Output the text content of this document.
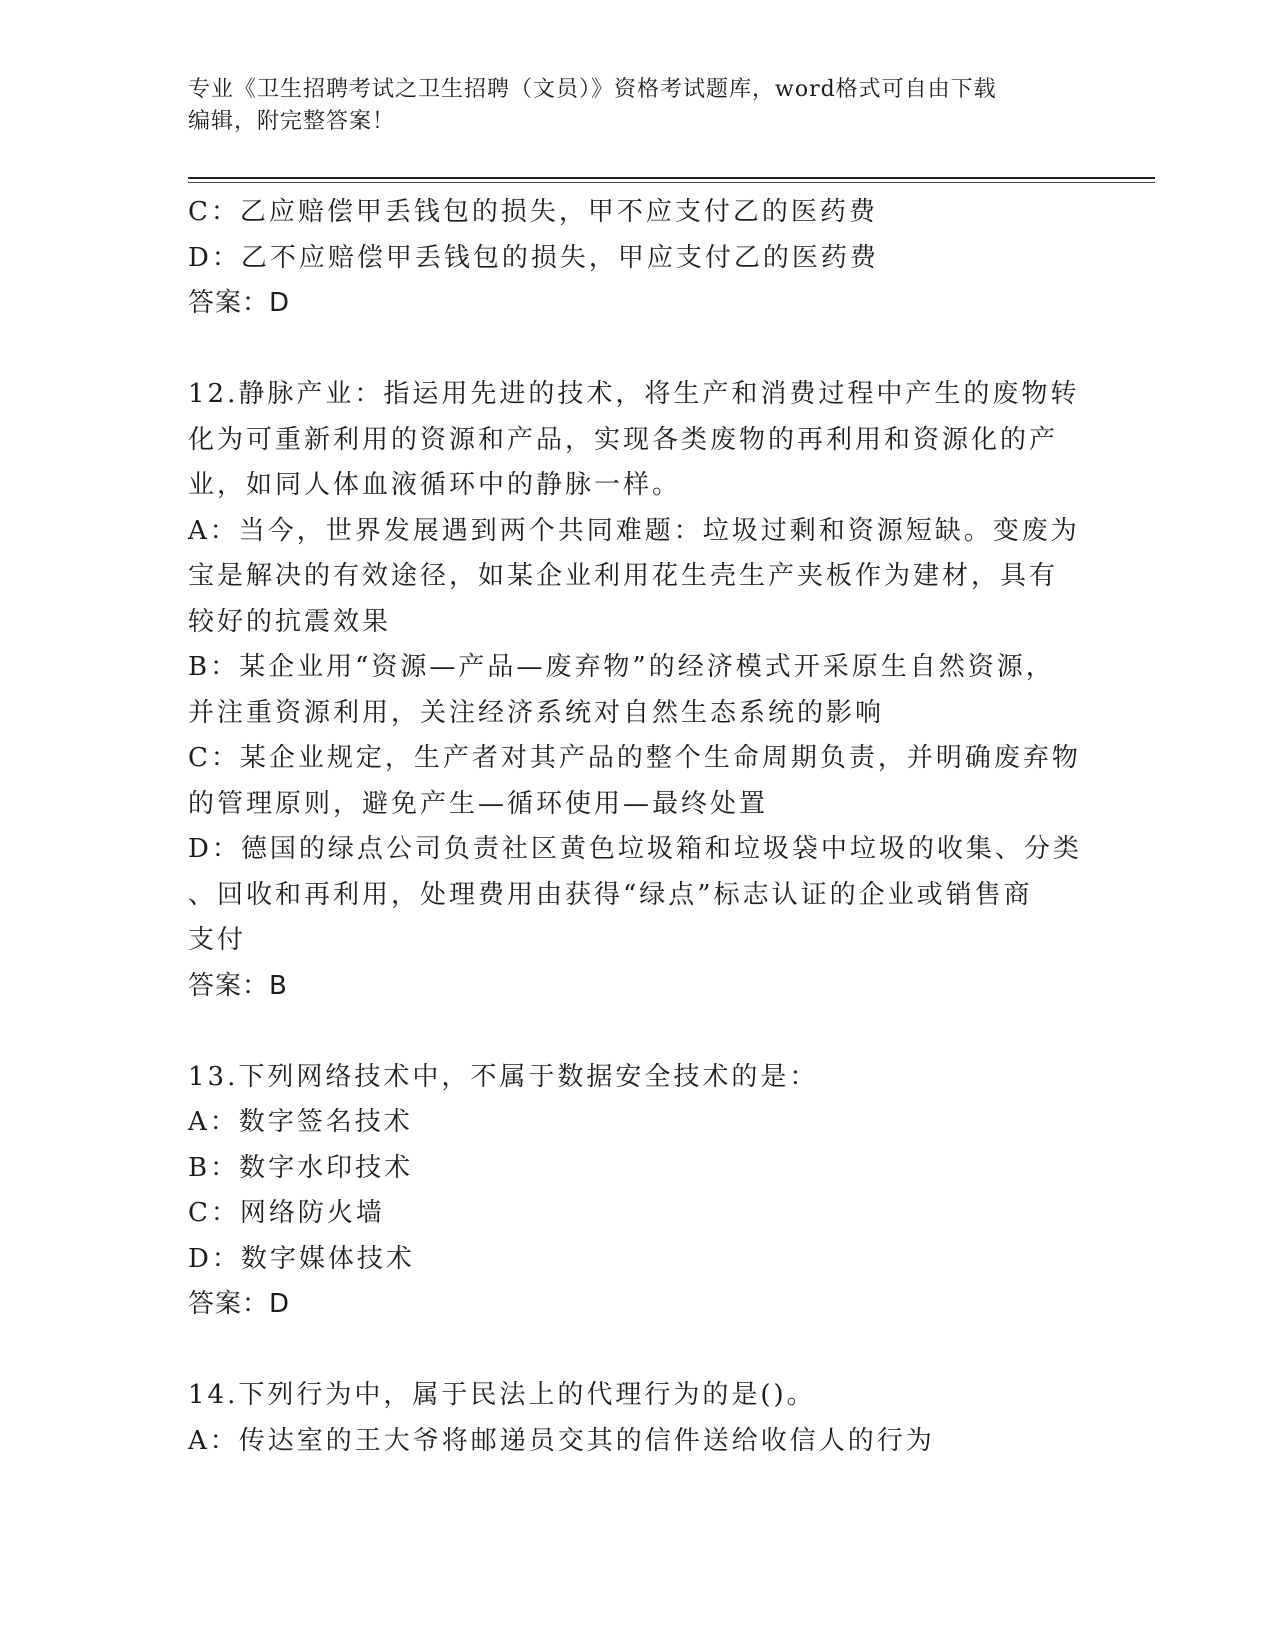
专业《卫生招聘考试之卫生招聘（文员）》资格考试题库，word格式可自由下载
编辑，附完整答案！
C：乙应赔偿甲丢钱包的损失，甲不应支付乙的医药费
D：乙不应赔偿甲丢钱包的损失，甲应支付乙的医药费
答案：D
12.静脉产业：指运用先进的技术，将生产和消费过程中产生的废物转
化为可重新利用的资源和产品，实现各类废物的再利用和资源化的产
业，如同人体血液循环中的静脉一样。
A：当今，世界发展遇到两个共同难题：垃圾过剩和资源短缺。变废为
宝是解决的有效途径，如某企业利用花生壳生产夹板作为建材，具有
较好的抗震效果
B：某企业用“资源—产品—废弃物”的经济模式开采原生自然资源，
并注重资源利用，关注经济系统对自然生态系统的影响
C：某企业规定，生产者对其产品的整个生命周期负责，并明确废弃物
的管理原则，避免产生—循环使用—最终处置
D：德国的绿点公司负责社区黄色垃圾箱和垃圾袋中垃圾的收集、分类
、回收和再利用，处理费用由获得“绿点”标志认证的企业或销售商
支付
答案：B
13.下列网络技术中，不属于数据安全技术的是：
A：数字签名技术
B：数字水印技术
C：网络防火墙
D：数字媒体技术
答案：D
14.下列行为中，属于民法上的代理行为的是()。
A：传达室的王大爷将邮递员交其的信件送给收信人的行为
